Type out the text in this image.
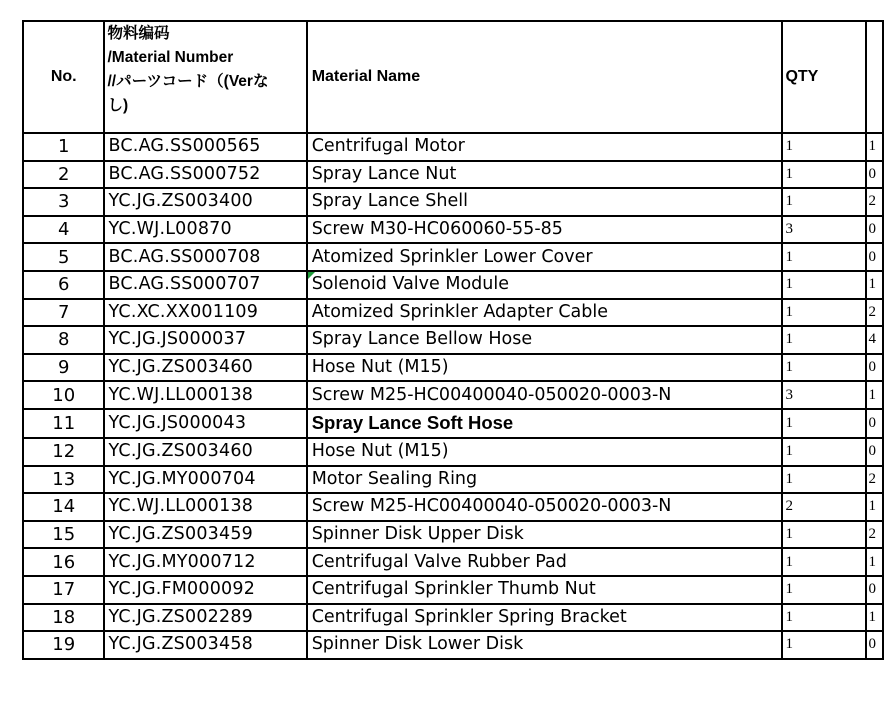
No.	物料编码
/Material Number
//パーツコード（(Verな
し)	Material Name	QTY	
1	BC.AG.SS000565	Centrifugal Motor	1	1
2	BC.AG.SS000752	Spray Lance Nut	1	0
3	YC.JG.ZS003400	Spray Lance Shell	1	2
4	YC.WJ.L00870	Screw M30-HC060060-55-85	3	0
5	BC.AG.SS000708	Atomized Sprinkler Lower Cover	1	0
6	BC.AG.SS000707	Solenoid Valve Module	1	1
7	YC.XC.XX001109	Atomized Sprinkler Adapter Cable	1	2
8	YC.JG.JS000037	Spray Lance Bellow Hose	1	4
9	YC.JG.ZS003460	Hose Nut (M15)	1	0
10	YC.WJ.LL000138	Screw M25-HC00400040-050020-0003-N	3	1
11	YC.JG.JS000043	Spray Lance Soft Hose	1	0
12	YC.JG.ZS003460	Hose Nut (M15)	1	0
13	YC.JG.MY000704	Motor Sealing Ring	1	2
14	YC.WJ.LL000138	Screw M25-HC00400040-050020-0003-N	2	1
15	YC.JG.ZS003459	Spinner Disk Upper Disk	1	2
16	YC.JG.MY000712	Centrifugal Valve Rubber Pad	1	1
17	YC.JG.FM000092	Centrifugal Sprinkler Thumb Nut	1	0
18	YC.JG.ZS002289	Centrifugal Sprinkler Spring Bracket	1	1
19	YC.JG.ZS003458	Spinner Disk Lower Disk	1	0
